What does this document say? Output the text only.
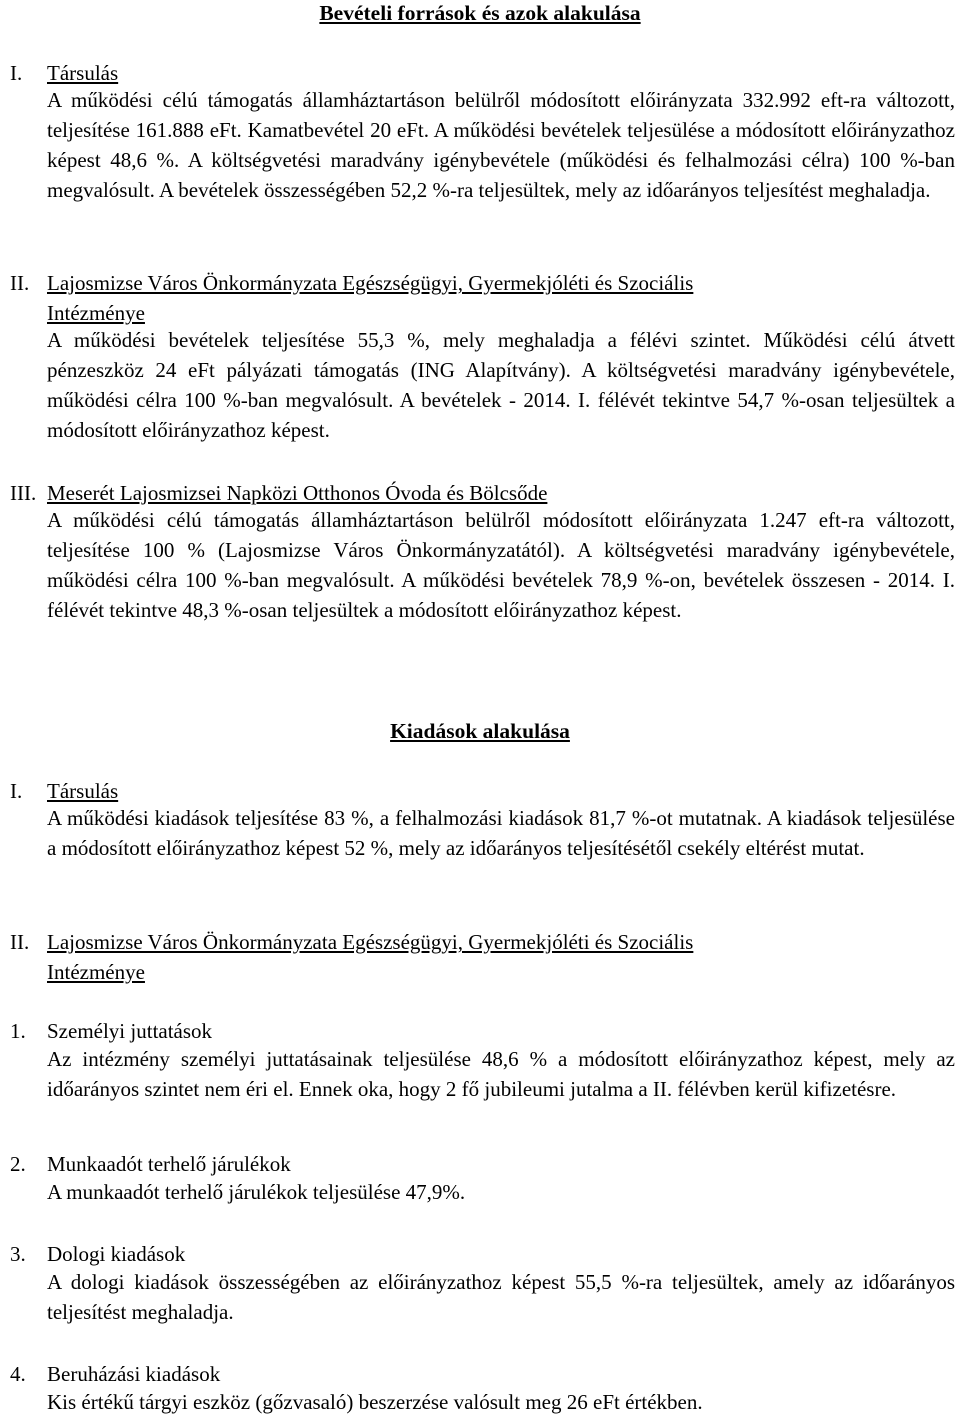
Bevételi források és azok alakulása
I. Társulás
A működési célú támogatás államháztartáson belülről módosított előirányzata 332.992 eft-ra változott, teljesítése 161.888 eFt. Kamatbevétel 20 eFt. A működési bevételek teljesülése a módosított előirányzathoz képest 48,6 %. A költségvetési maradvány igénybevétele (működési és felhalmozási célra) 100 %-ban megvalósult. A bevételek összességében 52,2 %-ra teljesültek, mely az időarányos teljesítést meghaladja.
II. Lajosmizse Város Önkormányzata Egészségügyi, Gyermekjóléti és Szociális
Intézménye
A működési bevételek teljesítése 55,3 %, mely meghaladja a félévi szintet. Működési célú átvett pénzeszköz 24 eFt pályázati támogatás (ING Alapítvány). A költségvetési maradvány igénybevétele, működési célra 100 %-ban megvalósult. A bevételek - 2014. I. félévét tekintve 54,7 %-osan teljesültek a módosított előirányzathoz képest.
III. Meserét Lajosmizsei Napközi Otthonos Óvoda és Bölcsőde
A működési célú támogatás államháztartáson belülről módosított előirányzata 1.247 eft-ra változott, teljesítése 100 % (Lajosmizse Város Önkormányzatától). A költségvetési maradvány igénybevétele, működési célra 100 %-ban megvalósult. A működési bevételek 78,9 %-on, bevételek összesen - 2014. I. félévét tekintve 48,3 %-osan teljesültek a módosított előirányzathoz képest.
Kiadások alakulása
I. Társulás
A működési kiadások teljesítése 83 %, a felhalmozási kiadások 81,7 %-ot mutatnak. A kiadások teljesülése a módosított előirányzathoz képest 52 %, mely az időarányos teljesítésétől csekély eltérést mutat.
II. Lajosmizse Város Önkormányzata Egészségügyi, Gyermekjóléti és Szociális
Intézménye
1. Személyi juttatások
Az intézmény személyi juttatásainak teljesülése 48,6 % a módosított előirányzathoz képest, mely az időarányos szintet nem éri el. Ennek oka, hogy 2 fő jubileumi jutalma a II. félévben kerül kifizetésre.
2. Munkaadót terhelő járulékok
A munkaadót terhelő járulékok teljesülése 47,9%.
3. Dologi kiadások
A dologi kiadások összességében az előirányzathoz képest 55,5 %-ra teljesültek, amely az időarányos teljesítést meghaladja.
4. Beruházási kiadások
Kis értékű tárgyi eszköz (gőzvasaló) beszerzése valósult meg 26 eFt értékben.
